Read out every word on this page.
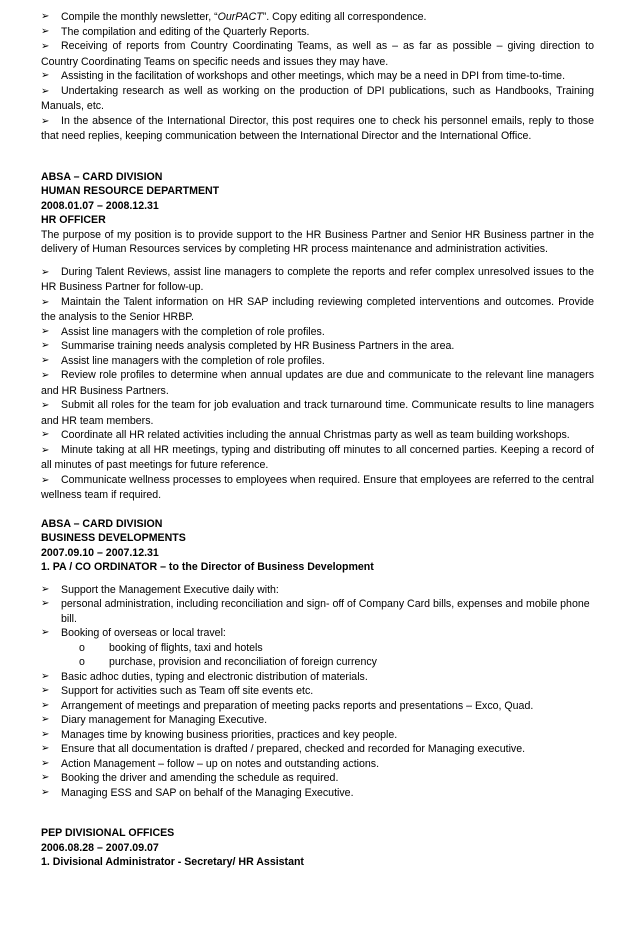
➢	Compile the monthly newsletter, “OurPACT”. Copy editing all correspondence.
➢	The compilation and editing of the Quarterly Reports.
➢ Receiving of reports from Country Coordinating Teams, as well as – as far as possible – giving direction to Country Coordinating Teams on specific needs and issues they may have.
➢	Assisting in the facilitation of workshops and other meetings, which may be a need in DPI from time-to-time.
➢ Undertaking research as well as working on the production of DPI publications, such as Handbooks, Training Manuals, etc.
➢ In the absence of the International Director, this post requires one to check his personnel emails, reply to those that need replies, keeping communication between the International Director and the International Office.
ABSA – CARD DIVISION
HUMAN RESOURCE DEPARTMENT
2008.01.07 – 2008.12.31
HR OFFICER
The purpose of my position is to provide support to the HR Business Partner and Senior HR Business partner in the delivery of Human Resources services by completing HR process maintenance and administration activities.
➢ During Talent Reviews, assist line managers to complete the reports and refer complex unresolved issues to the HR Business Partner for follow-up.
➢ Maintain the Talent information on HR SAP including reviewing completed interventions and outcomes. Provide the analysis to the Senior HRBP.
➢	Assist line managers with the completion of role profiles.
➢	Summarise training needs analysis completed by HR Business Partners in the area.
➢	Assist line managers with the completion of role profiles.
➢ Review role profiles to determine when annual updates are due and communicate to the relevant line managers and HR Business Partners.
➢ Submit all roles for the team for job evaluation and track turnaround time. Communicate results to line managers and HR team members.
➢	Coordinate all HR related activities including the annual Christmas party as well as team building workshops.
➢ Minute taking at all HR meetings, typing and distributing off minutes to all concerned parties. Keeping a record of all minutes of past meetings for future reference.
➢ Communicate wellness processes to employees when required. Ensure that employees are referred to the central wellness team if required.
ABSA – CARD DIVISION
BUSINESS DEVELOPMENTS
2007.09.10 – 2007.12.31
1. PA / CO ORDINATOR – to the Director of Business Development
➢	Support the Management Executive daily with:
➢	personal administration, including reconciliation and sign- off of Company Card bills, expenses and mobile phone bill.
➢	Booking of overseas or local travel:
o	booking of flights, taxi and hotels
o	purchase, provision and reconciliation of foreign currency
➢	Basic adhoc duties, typing and electronic distribution of materials.
➢	Support for activities such as Team off site events etc.
➢	Arrangement of meetings and preparation of meeting packs reports and presentations – Exco, Quad.
➢	Diary management for Managing Executive.
➢	Manages time by knowing business priorities, practices and key people.
➢	Ensure that all documentation is drafted / prepared, checked and recorded for Managing executive.
➢	Action Management – follow – up on notes and outstanding actions.
➢	Booking the driver and amending the schedule as required.
➢	Managing ESS and SAP on behalf of the Managing Executive.
PEP DIVISIONAL OFFICES
2006.08.28 – 2007.09.07
1. Divisional Administrator - Secretary/ HR Assistant
